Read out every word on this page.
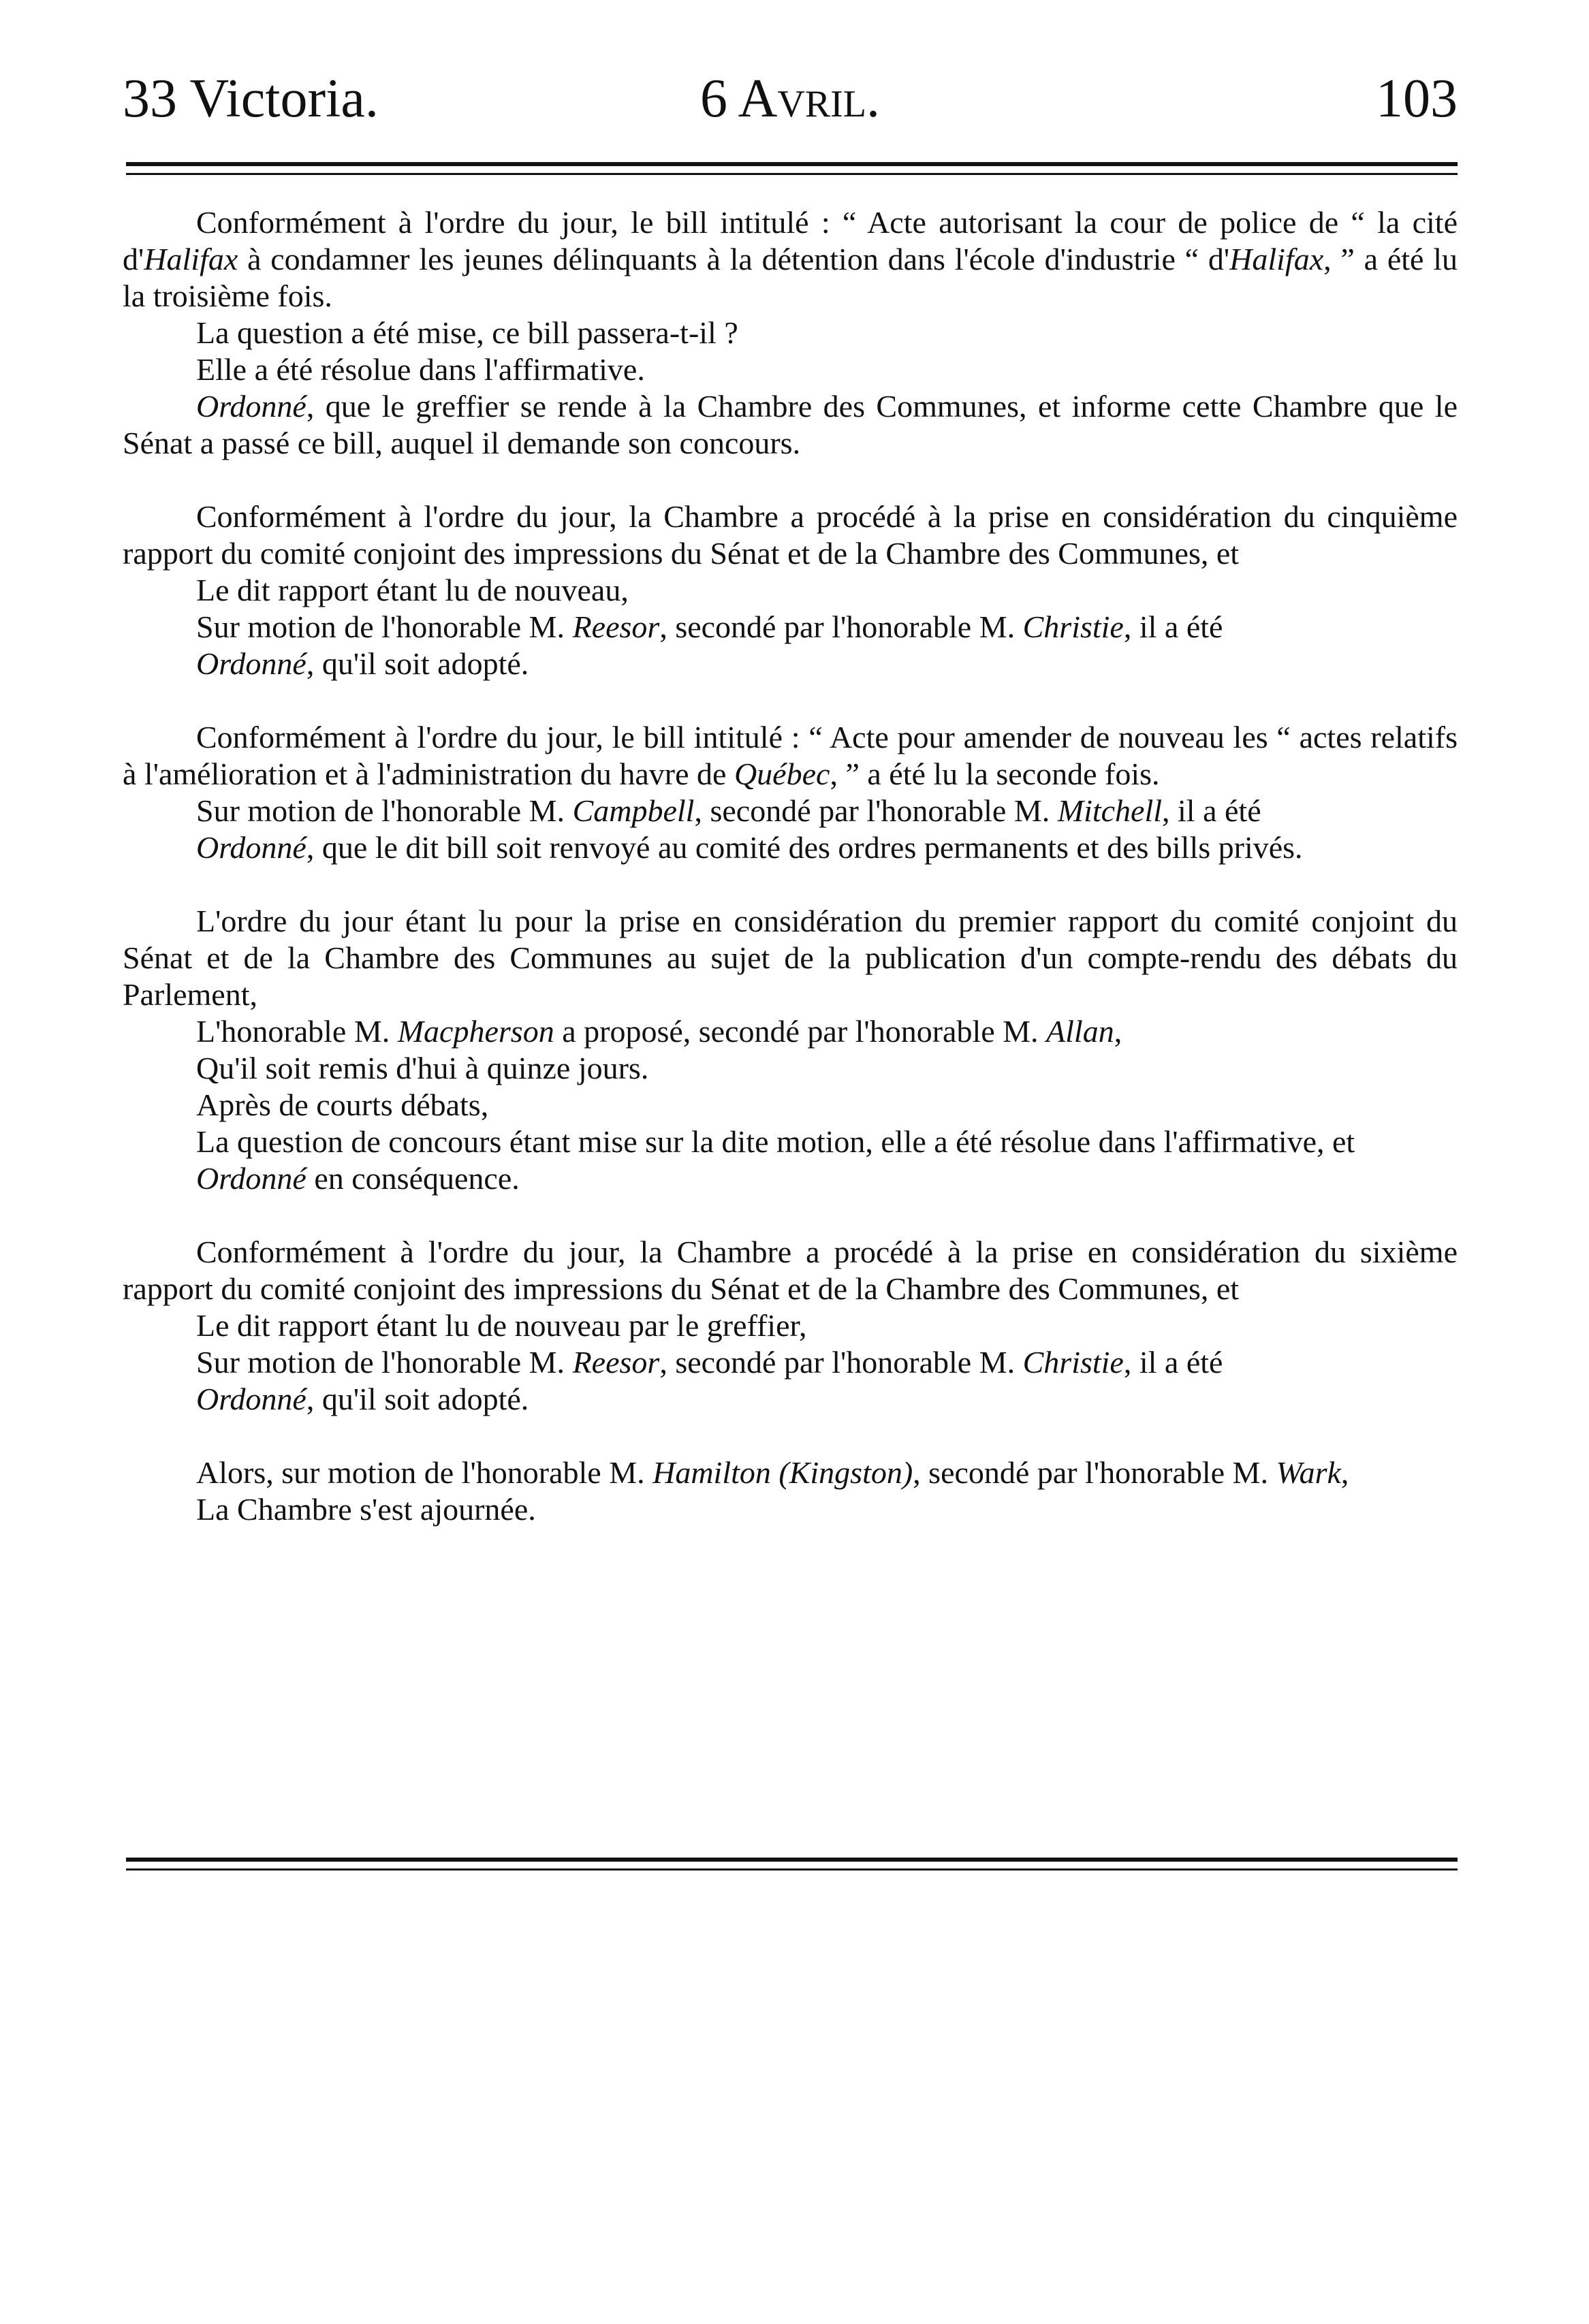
33 Victoria.	6 Avril.	103

Conformément à l'ordre du jour, le bill intitulé : “ Acte autorisant la cour de police de “ la cité d'Halifax à condamner les jeunes délinquants à la détention dans l'école d'industrie “ d'Halifax, ” a été lu la troisième fois.

La question a été mise, ce bill passera-t-il ?

Elle a été résolue dans l'affirmative.

Ordonné, que le greffier se rende à la Chambre des Communes, et informe cette Chambre que le Sénat a passé ce bill, auquel il demande son concours.

Conformément à l'ordre du jour, la Chambre a procédé à la prise en considération du cinquième rapport du comité conjoint des impressions du Sénat et de la Chambre des Communes, et

Le dit rapport étant lu de nouveau,

Sur motion de l'honorable M. Reesor, secondé par l'honorable M. Christie, il a été

Ordonné, qu'il soit adopté.

Conformément à l'ordre du jour, le bill intitulé : “ Acte pour amender de nouveau les “ actes relatifs à l'amélioration et à l'administration du havre de Québec, ” a été lu la seconde fois.

Sur motion de l'honorable M. Campbell, secondé par l'honorable M. Mitchell, il a été

Ordonné, que le dit bill soit renvoyé au comité des ordres permanents et des bills privés.

L'ordre du jour étant lu pour la prise en considération du premier rapport du comité conjoint du Sénat et de la Chambre des Communes au sujet de la publication d'un compte-rendu des débats du Parlement,

L'honorable M. Macpherson a proposé, secondé par l'honorable M. Allan,

Qu'il soit remis d'hui à quinze jours.

Après de courts débats,

La question de concours étant mise sur la dite motion, elle a été résolue dans l'affirmative, et

Ordonné en conséquence.

Conformément à l'ordre du jour, la Chambre a procédé à la prise en considération du sixième rapport du comité conjoint des impressions du Sénat et de la Chambre des Communes, et

Le dit rapport étant lu de nouveau par le greffier,

Sur motion de l'honorable M. Reesor, secondé par l'honorable M. Christie, il a été

Ordonné, qu'il soit adopté.

Alors, sur motion de l'honorable M. Hamilton (Kingston), secondé par l'honorable M. Wark,

La Chambre s'est ajournée.
